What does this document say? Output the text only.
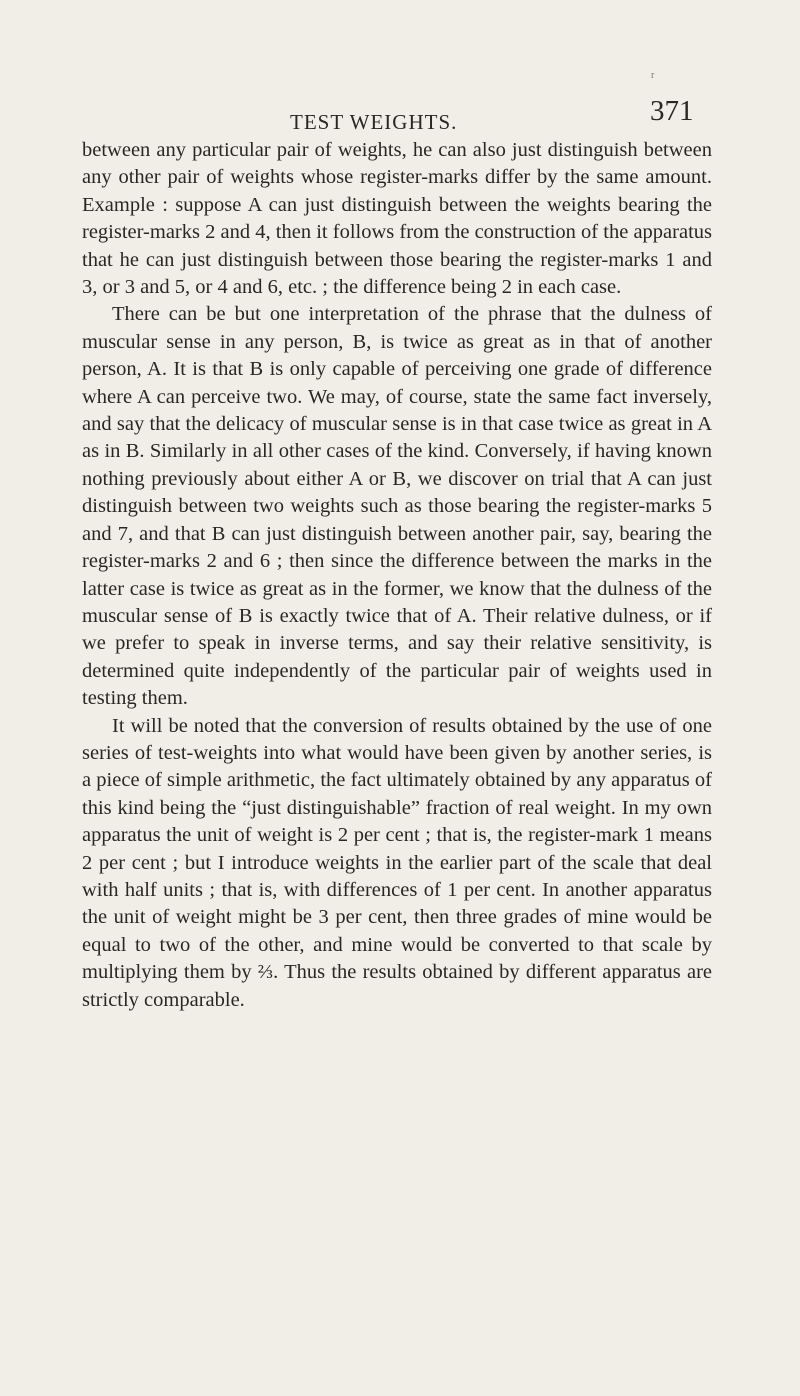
r
TEST WEIGHTS.	371

between any particular pair of weights, he can also just distinguish between any other pair of weights whose register-marks differ by the same amount. Example : suppose A can just distinguish between the weights bearing the register-marks 2 and 4, then it follows from the construction of the apparatus that he can just distinguish between those bearing the register-marks 1 and 3, or 3 and 5, or 4 and 6, etc. ; the difference being 2 in each case.

There can be but one interpretation of the phrase that the dulness of muscular sense in any person, B, is twice as great as in that of another person, A. It is that B is only capable of perceiving one grade of difference where A can perceive two. We may, of course, state the same fact inversely, and say that the delicacy of muscular sense is in that case twice as great in A as in B. Similarly in all other cases of the kind. Conversely, if having known nothing previously about either A or B, we discover on trial that A can just distinguish between two weights such as those bearing the register-marks 5 and 7, and that B can just distinguish between another pair, say, bearing the register-marks 2 and 6 ; then since the difference between the marks in the latter case is twice as great as in the former, we know that the dulness of the muscular sense of B is exactly twice that of A. Their relative dulness, or if we prefer to speak in inverse terms, and say their relative sensitivity, is determined quite independently of the particular pair of weights used in testing them.

It will be noted that the conversion of results obtained by the use of one series of test-weights into what would have been given by another series, is a piece of simple arithmetic, the fact ultimately obtained by any apparatus of this kind being the “just distinguishable” fraction of real weight. In my own apparatus the unit of weight is 2 per cent ; that is, the register-mark 1 means 2 per cent ; but I introduce weights in the earlier part of the scale that deal with half units ; that is, with differences of 1 per cent. In another apparatus the unit of weight might be 3 per cent, then three grades of mine would be equal to two of the other, and mine would be converted to that scale by multiplying them by ⅔. Thus the results obtained by different apparatus are strictly comparable.
